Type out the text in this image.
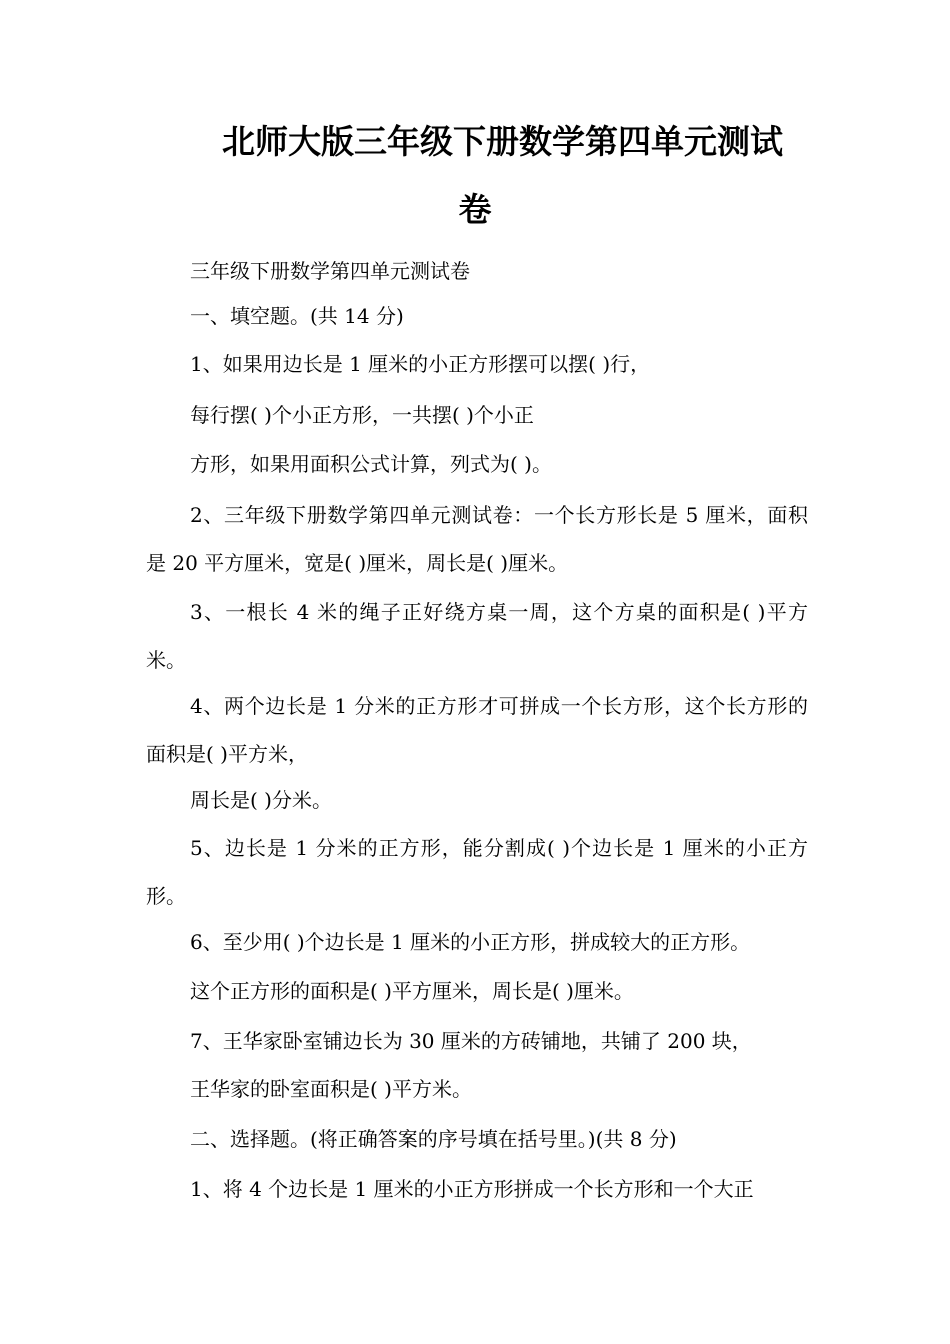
北师大版三年级下册数学第四单元测试
卷
三年级下册数学第四单元测试卷
一、填空题。(共 14 分)
1、如果用边长是 1 厘米的小正方形摆可以摆( )行，
每行摆( )个小正方形，一共摆( )个小正
方形，如果用面积公式计算，列式为( )。
2、三年级下册数学第四单元测试卷：一个长方形长是 5 厘米，面积是 20 平方厘米，宽是( )厘米，周长是( )厘米。
3、一根长 4 米的绳子正好绕方桌一周，这个方桌的面积是( )平方米。
4、两个边长是 1 分米的正方形才可拼成一个长方形，这个长方形的面积是( )平方米，
周长是( )分米。
5、边长是 1 分米的正方形，能分割成( )个边长是 1 厘米的小正方形。
6、至少用( )个边长是 1 厘米的小正方形，拼成较大的正方形。
这个正方形的面积是( )平方厘米，周长是( )厘米。
7、王华家卧室铺边长为 30 厘米的方砖铺地，共铺了 200 块，
王华家的卧室面积是( )平方米。
二、选择题。(将正确答案的序号填在括号里。)(共 8 分)
1、将 4 个边长是 1 厘米的小正方形拼成一个长方形和一个大正
